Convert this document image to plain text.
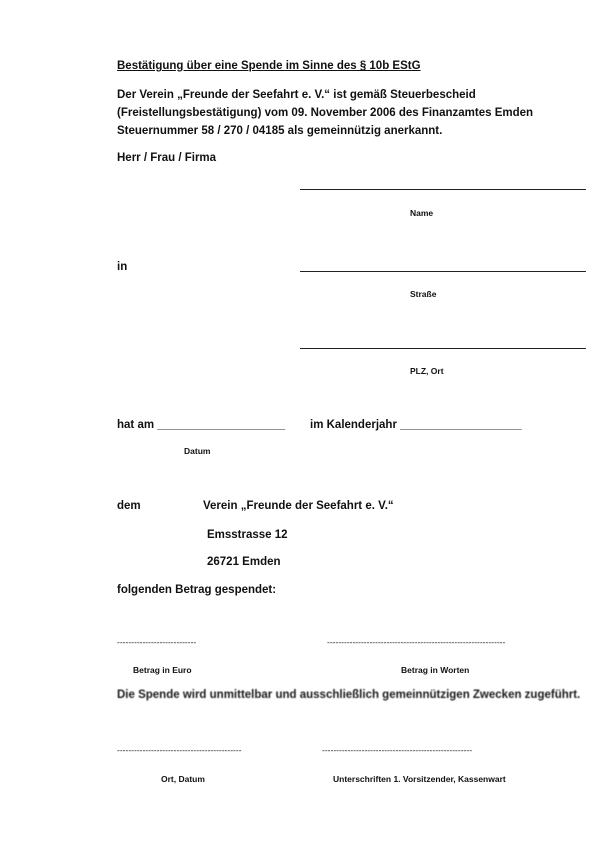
Bestätigung über eine Spende im Sinne des § 10b EStG
Der Verein „Freunde der Seefahrt e. V.“ ist gemäß Steuerbescheid
(Freistellungsbestätigung) vom 09. November 2006 des Finanzamtes Emden
Steuernummer 58 / 270 / 04185 als gemeinnützig anerkannt.
Herr / Frau / Firma
Name
in
Straße
PLZ, Ort
hat am ____________________ im Kalenderjahr ___________________
Datum
dem	Verein „Freunde der Seefahrt e. V.“
Emsstrasse 12
26721 Emden
folgenden Betrag gespendet:
----------------------------	---------------------------------------------------------------
Betrag in Euro	Betrag in Worten
Die Spende wird unmittelbar und ausschließlich gemeinnützigen Zwecken zugeführt.
--------------------------------------------	-----------------------------------------------------
Ort, Datum	Unterschriften 1. Vorsitzender, Kassenwart
